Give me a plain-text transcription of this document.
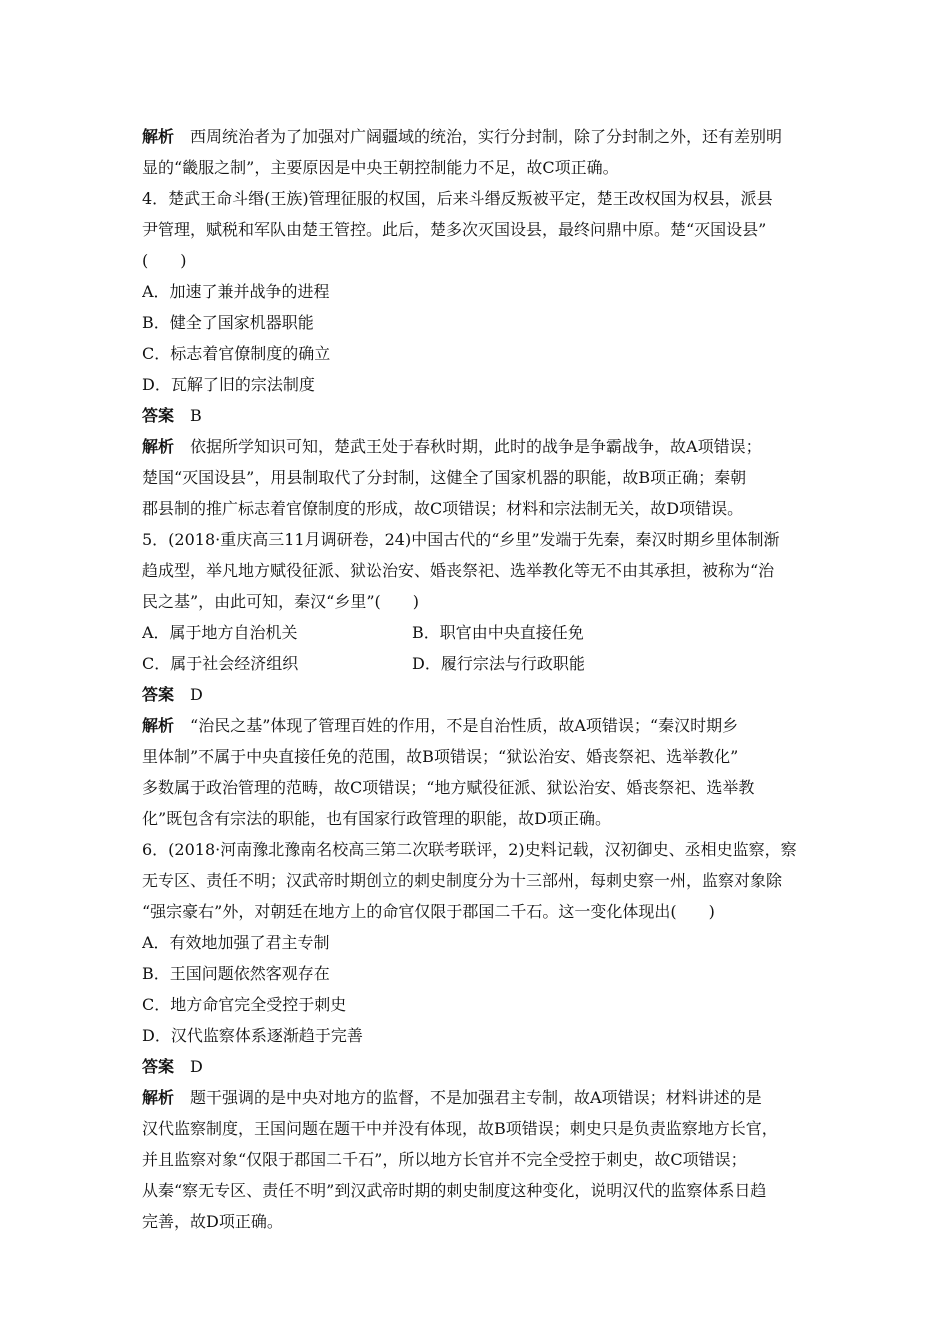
解析 西周统治者为了加强对广阔疆域的统治，实行分封制，除了分封制之外，还有差别明
显的“畿服之制”，主要原因是中央王朝控制能力不足，故C项正确。
4．楚武王命斗缗(王族)管理征服的权国，后来斗缗反叛被平定，楚王改权国为权县，派县
尹管理，赋税和军队由楚王管控。此后，楚多次灭国设县，最终问鼎中原。楚“灭国设县”
(　　)
A．加速了兼并战争的进程
B．健全了国家机器职能
C．标志着官僚制度的确立
D．瓦解了旧的宗法制度
答案 B
解析 依据所学知识可知，楚武王处于春秋时期，此时的战争是争霸战争，故A项错误；
楚国“灭国设县”，用县制取代了分封制，这健全了国家机器的职能，故B项正确；秦朝
郡县制的推广标志着官僚制度的形成，故C项错误；材料和宗法制无关，故D项错误。
5．(2018·重庆高三11月调研卷，24)中国古代的“乡里”发端于先秦，秦汉时期乡里体制渐
趋成型，举凡地方赋役征派、狱讼治安、婚丧祭祀、选举教化等无不由其承担，被称为“治
民之基”，由此可知，秦汉“乡里”(　　)
A．属于地方自治机关	B．职官由中央直接任免
C．属于社会经济组织	D．履行宗法与行政职能
答案 D
解析 “治民之基”体现了管理百姓的作用，不是自治性质，故A项错误；“秦汉时期乡
里体制”不属于中央直接任免的范围，故B项错误；“狱讼治安、婚丧祭祀、选举教化”
多数属于政治管理的范畴，故C项错误；“地方赋役征派、狱讼治安、婚丧祭祀、选举教
化”既包含有宗法的职能，也有国家行政管理的职能，故D项正确。
6．(2018·河南豫北豫南名校高三第二次联考联评，2)史料记载，汉初御史、丞相史监察，察
无专区、责任不明；汉武帝时期创立的刺史制度分为十三部州，每刺史察一州，监察对象除
“强宗豪右”外，对朝廷在地方上的命官仅限于郡国二千石。这一变化体现出(　　)
A．有效地加强了君主专制
B．王国问题依然客观存在
C．地方命官完全受控于刺史
D．汉代监察体系逐渐趋于完善
答案 D
解析 题干强调的是中央对地方的监督，不是加强君主专制，故A项错误；材料讲述的是
汉代监察制度，王国问题在题干中并没有体现，故B项错误；刺史只是负责监察地方长官，
并且监察对象“仅限于郡国二千石”，所以地方长官并不完全受控于刺史，故C项错误；
从秦“察无专区、责任不明”到汉武帝时期的刺史制度这种变化，说明汉代的监察体系日趋
完善，故D项正确。
